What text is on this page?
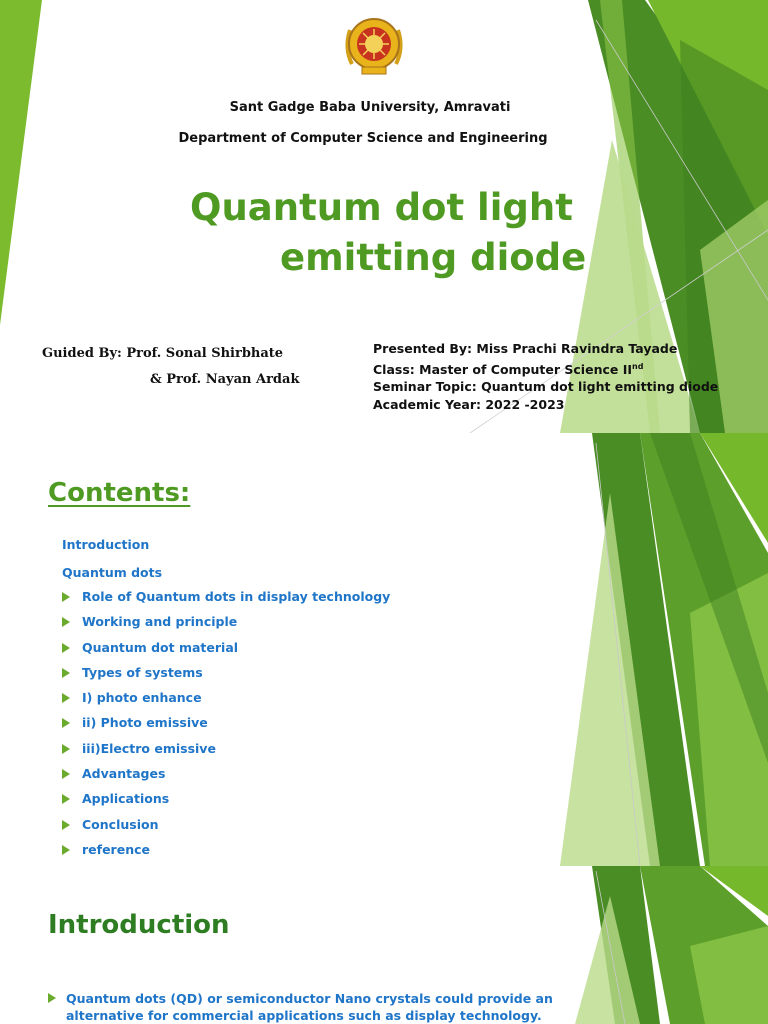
Sant Gadge Baba University, Amravati

Department of Computer Science and Engineering

Quantum dot light
emitting diode

Guided By: Prof. Sonal Shirbhate

& Prof. Nayan Ardak

Presented By: Miss Prachi Ravindra Tayade
Class: Master of Computer Science IInd
Seminar Topic: Quantum dot light emitting diode
Academic Year: 2022 -2023
Contents:

Introduction

Quantum dots

Role of Quantum dots in display technology
Working and principle
Quantum dot material
Types of systems
I) photo enhance
ii) Photo emissive
iii)Electro emissive
Advantages
Applications
Conclusion
reference
Introduction
Quantum dots (QD) or semiconductor Nano crystals could provide an
alternative for commercial applications such as display technology.
